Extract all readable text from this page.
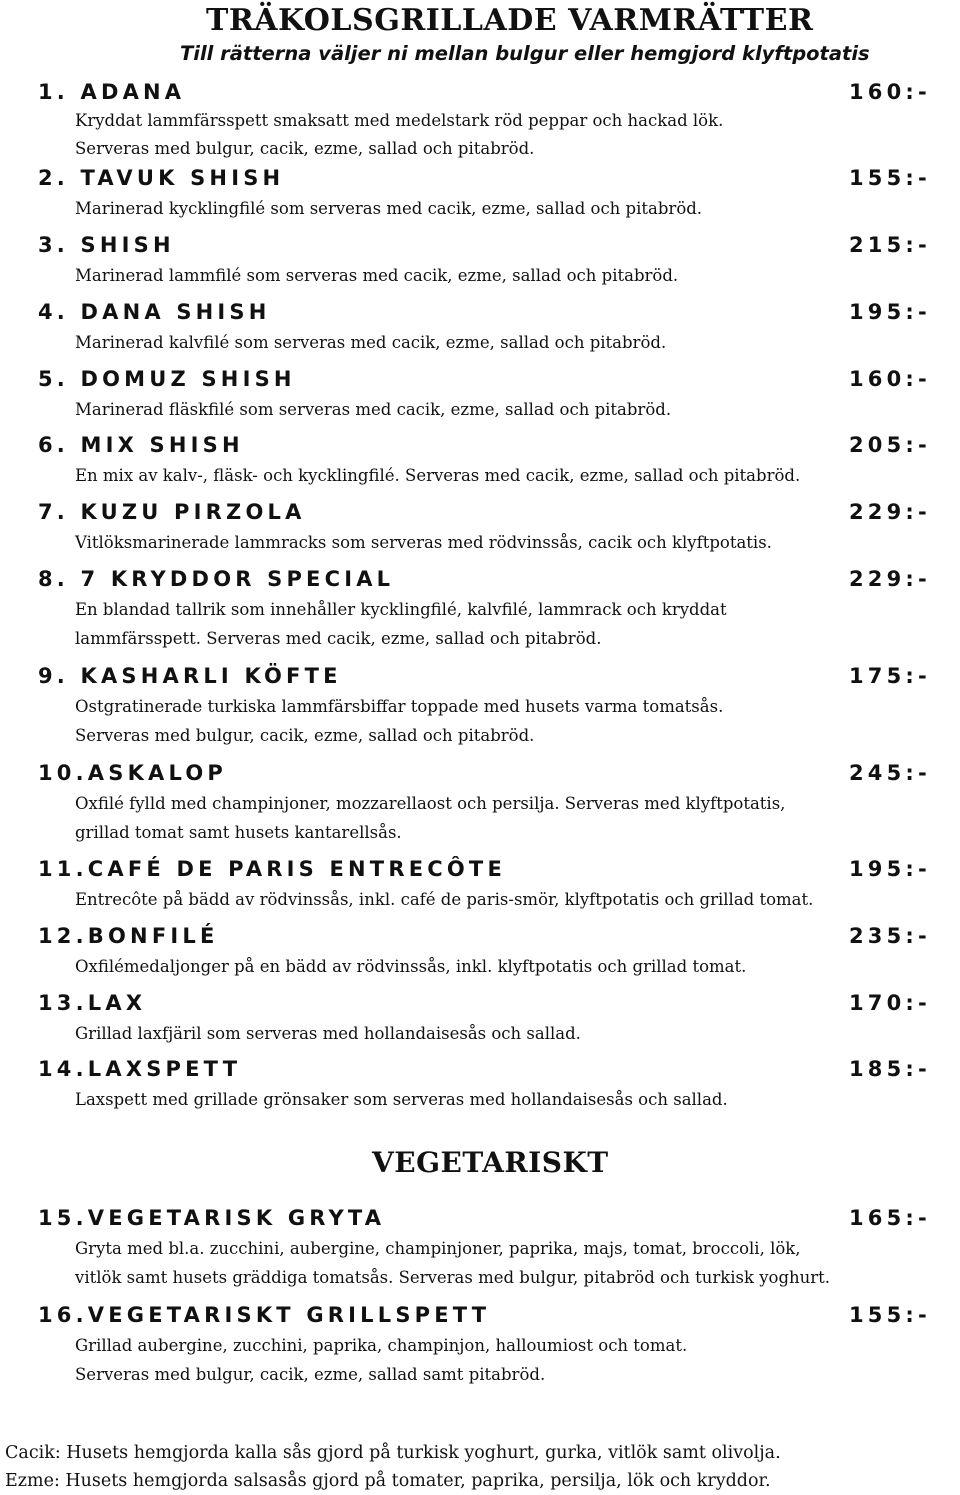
TRÄKOLSGRILLADE VARMRÄTTER

Till rätterna väljer ni mellan bulgur eller hemgjord klyftpotatis

1. ADANA	160:-
Kryddat lammfärsspett smaksatt med medelstark röd peppar och hackad lök.
Serveras med bulgur, cacik, ezme, sallad och pitabröd.
2. TAVUK SHISH	155:-
Marinerad kycklingfilé som serveras med cacik, ezme, sallad och pitabröd.
3. SHISH	215:-
Marinerad lammfilé som serveras med cacik, ezme, sallad och pitabröd.
4. DANA SHISH	195:-
Marinerad kalvfilé som serveras med cacik, ezme, sallad och pitabröd.
5. DOMUZ SHISH	160:-
Marinerad fläskfilé som serveras med cacik, ezme, sallad och pitabröd.
6. MIX SHISH	205:-
En mix av kalv-, fläsk- och kycklingfilé. Serveras med cacik, ezme, sallad och pitabröd.
7. KUZU PIRZOLA	229:-
Vitlöksmarinerade lammracks som serveras med rödvinssås, cacik och klyftpotatis.
8. 7 KRYDDOR SPECIAL	229:-
En blandad tallrik som innehåller kycklingfilé, kalvfilé, lammrack och kryddat
lammfärsspett. Serveras med cacik, ezme, sallad och pitabröd.
9. KASHARLI KÖFTE	175:-
Ostgratinerade turkiska lammfärsbiffar toppade med husets varma tomatsås.
Serveras med bulgur, cacik, ezme, sallad och pitabröd.
10.ASKALOP	245:-
Oxfilé fylld med champinjoner, mozzarellaost och persilja. Serveras med klyftpotatis,
grillad tomat samt husets kantarellsås.
11.CAFÉ DE PARIS ENTRECÔTE	195:-
Entrecôte på bädd av rödvinssås, inkl. café de paris-smör, klyftpotatis och grillad tomat.
12.BONFILÉ	235:-
Oxfilémedaljonger på en bädd av rödvinssås, inkl. klyftpotatis och grillad tomat.
13.LAX	170:-
Grillad laxfjäril som serveras med hollandaisesås och sallad.
14.LAXSPETT	185:-
Laxspett med grillade grönsaker som serveras med hollandaisesås och sallad.
VEGETARISKT
15.VEGETARISK GRYTA	165:-
Gryta med bl.a. zucchini, aubergine, champinjoner, paprika, majs, tomat, broccoli, lök,
vitlök samt husets gräddiga tomatsås. Serveras med bulgur, pitabröd och turkisk yoghurt.
16.VEGETARISKT GRILLSPETT	155:-
Grillad aubergine, zucchini, paprika, champinjon, halloumiost och tomat.
Serveras med bulgur, cacik, ezme, sallad samt pitabröd.
Cacik: Husets hemgjorda kalla sås gjord på turkisk yoghurt, gurka, vitlök samt olivolja.
Ezme: Husets hemgjorda salsasås gjord på tomater, paprika, persilja, lök och kryddor.
